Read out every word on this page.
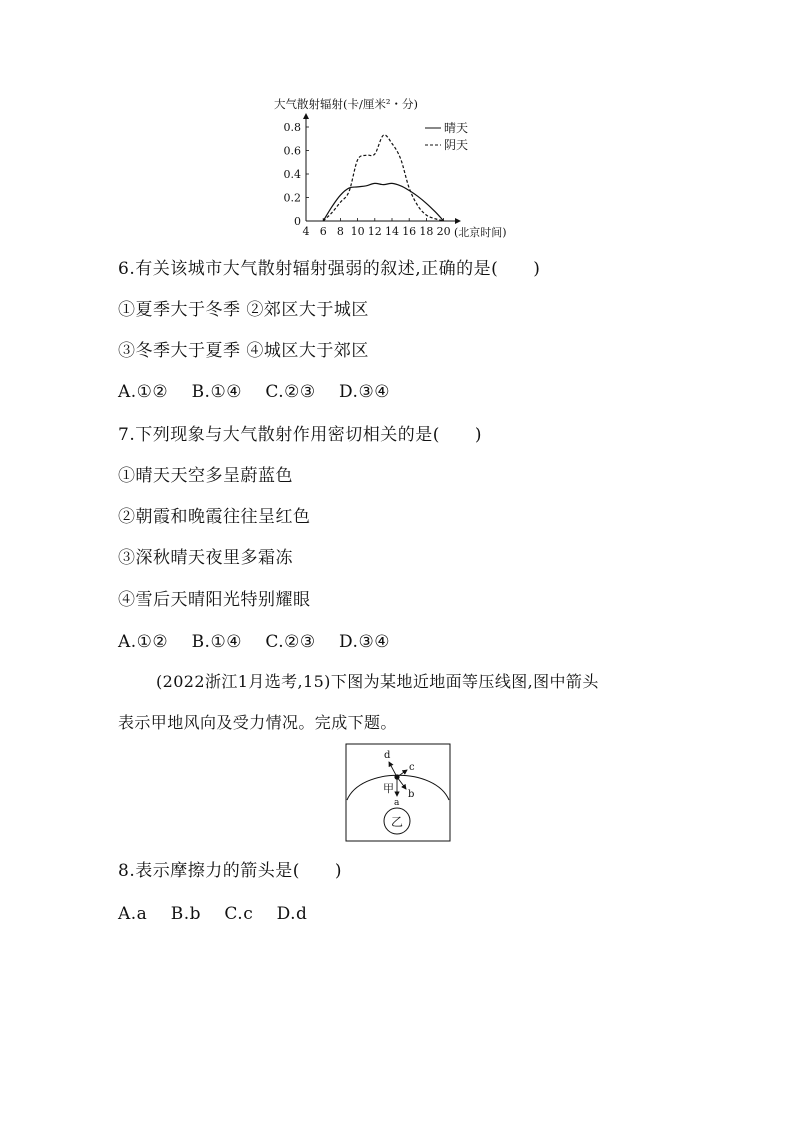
大气散射辐射(卡/厘米²・分)
4 6 8 10 12 14 16 18 20
0
0.2
0.4
0.6
0.8	晴天
阴天
(北京时间)
6.有关该城市大气散射辐射强弱的叙述,正确的是(　　)
①夏季大于冬季 ②郊区大于城区
③冬季大于夏季 ④城区大于郊区
A.①②　 B.①④　 C.②③　 D.③④
7.下列现象与大气散射作用密切相关的是(　　)
①晴天天空多呈蔚蓝色
②朝霞和晚霞往往呈红色
③深秋晴天夜里多霜冻
④雪后天晴阳光特别耀眼
A.①②　 B.①④　 C.②③　 D.③④
(2022浙江1月选考,15)下图为某地近地面等压线图,图中箭头
表示甲地风向及受力情况。完成下题。
乙
甲
d
c
b
a
8.表示摩擦力的箭头是(　　)
A.a　 B.b　 C.c　 D.d
